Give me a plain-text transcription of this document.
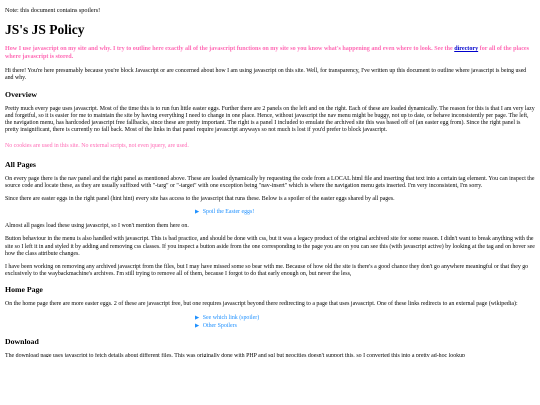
Note: this document contains spoilers!
JS's JS Policy
How I use javascript on my site and why. I try to outline here exactly all of the javascript functions on my site so you know what's happening and even where to look. See the directory for all of the places where javascript is stored.

Hi there! You're here presumably because you're block Javascript or are concerned about how I am using javascript on this site. Well, for transparency, I've written up this document to outline where javascript is being used and why.

Overview

Pretty much every page uses javascript. Most of the time this is to run fun little easter eggs. Further there are 2 panels on the left and on the right. Each of these are loaded dynamically. The reason for this is that I am very lazy and forgetful, so it is easier for me to maintain the site by having everything I need to change in one place. Hence, without javascript the nav menu might be buggy, not up to date, or behave inconsistently per page. The left, the navigation menu, has hardcoded javascript free fallbacks, since these are pretty important. The right is a panel I included to emulate the archived site this was based off of (an easter egg from). Since the right panel is pretty insignificant, there is currently no fall back. Most of the links in that panel require javascript anyways so not much is lost if you'd prefer to block javascript.

No cookies are used in this site. No external scripts, not even jquery, are used.

All Pages

On every page there is the nav panel and the right panel as mentioned above. These are loaded dynamically by requesting the code from a LOCAL html file and inserting that text into a certain tag element. You can inspect the source code and locate these, as they are usually suffixed with "-targ" or "-target" with one exception being "nav-insert" which is where the navigation menu gets inserted. I'm very inconsistent, I'm sorry.

Since there are easter eggs in the right panel (hint hint) every site has access to the javascript that runs these. Below is a spoiler of the easter eggs shared by all pages.

▶ Spoil the Easter eggs!

Almost all pages load these using javascript, so I won't mention them here on.

Button behaviour in the menu is also handled with javascript. This is bad practice, and should be done with css, but it was a legacy product of the original archived site for some reason. I didn't want to break anything with the site so I left it in and styled it by adding and removing css classes. If you inspect a button aside from the one corresponding to the page you are on you can see this (with javascript active) by looking at the tag and on hover see how the class attribute changes.

I have been working on removing any archived javascript from the files, but I may have missed some so bear with me. Because of how old the site is there's a good chance they don't go anywhere meaningful or that they go exclusively to the waybackmachine's archives. I'm still trying to remove all of them, because I forgot to do that early enough on, but never the less,

Home Page

On the home page there are more easter eggs. 2 of these are javascript free, but one requires javascript beyond there redirecting to a page that uses javascript. One of these links redirects to an external page (wikipedia):

▶ See which link (spoiler)
▶ Other Spoilers
Download

The download page uses javascript to fetch details about different files. This was originally done with PHP and sql but neocities doesn't support this, so I converted this into a pretty ad-hoc lookup
